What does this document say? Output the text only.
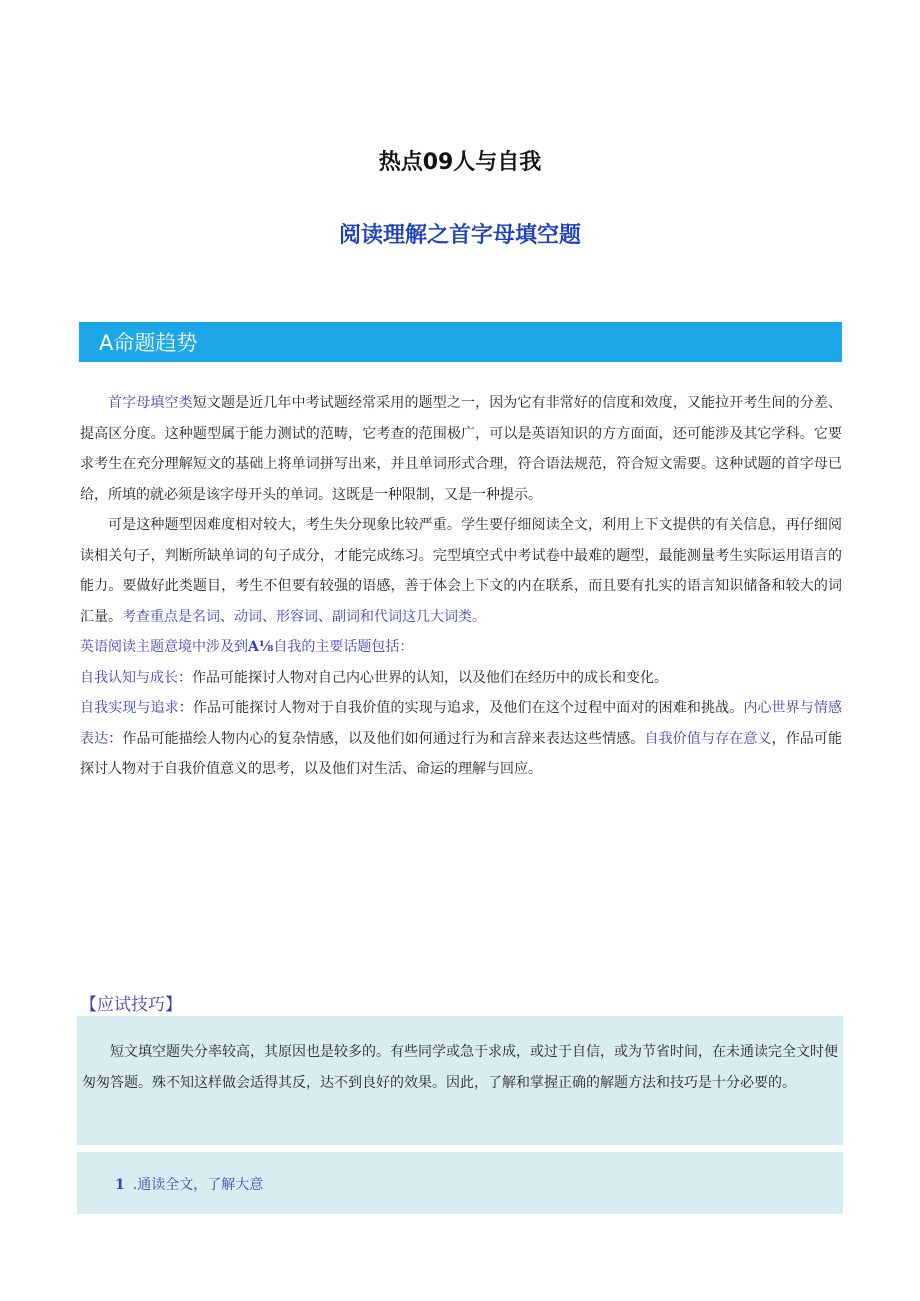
热点09人与自我
阅读理解之首字母填空题
A命题趋势

首字母填空类短文题是近几年中考试题经常采用的题型之一，因为它有非常好的信度和效度，又能拉开考生间的分差、提高区分度。这种题型属于能力测试的范畴，它考查的范围极广，可以是英语知识的方方面面，还可能涉及其它学科。它要求考生在充分理解短文的基础上将单词拼写出来，并且单词形式合理，符合语法规范，符合短文需要。这种试题的首字母已给，所填的就必须是该字母开头的单词。这既是一种限制，又是一种提示。

可是这种题型因难度相对较大，考生失分现象比较严重。学生要仔细阅读全文，利用上下文提供的有关信息，再仔细阅读相关句子，判断所缺单词的句子成分，才能完成练习。完型填空式中考试卷中最难的题型，最能测量考生实际运用语言的能力。要做好此类题目，考生不但要有较强的语感，善于体会上下文的内在联系，而且要有扎实的语言知识储备和较大的词汇量。考查重点是名词、动词、形容词、副词和代词这几大词类。

英语阅读主题意境中涉及到A⅛自我的主要话题包括：

自我认知与成长：作品可能探讨人物对自己内心世界的认知，以及他们在经历中的成长和变化。

自我实现与追求：作品可能探讨人物对于自我价值的实现与追求，及他们在这个过程中面对的困难和挑战。内心世界与情感表达：作品可能描绘人物内心的复杂情感，以及他们如何通过行为和言辞来表达这些情感。自我价值与存在意义，作品可能探讨人物对于自我价值意义的思考，以及他们对生活、命运的理解与回应。

【应试技巧】

短文填空题失分率较高，其原因也是较多的。有些同学或急于求成，或过于自信，或为节省时间，在未通读完全文时便匆匆答题。殊不知这样做会适得其反，达不到良好的效果。因此，了解和掌握正确的解题方法和技巧是十分必要的。

1 .通读全文，了解大意
